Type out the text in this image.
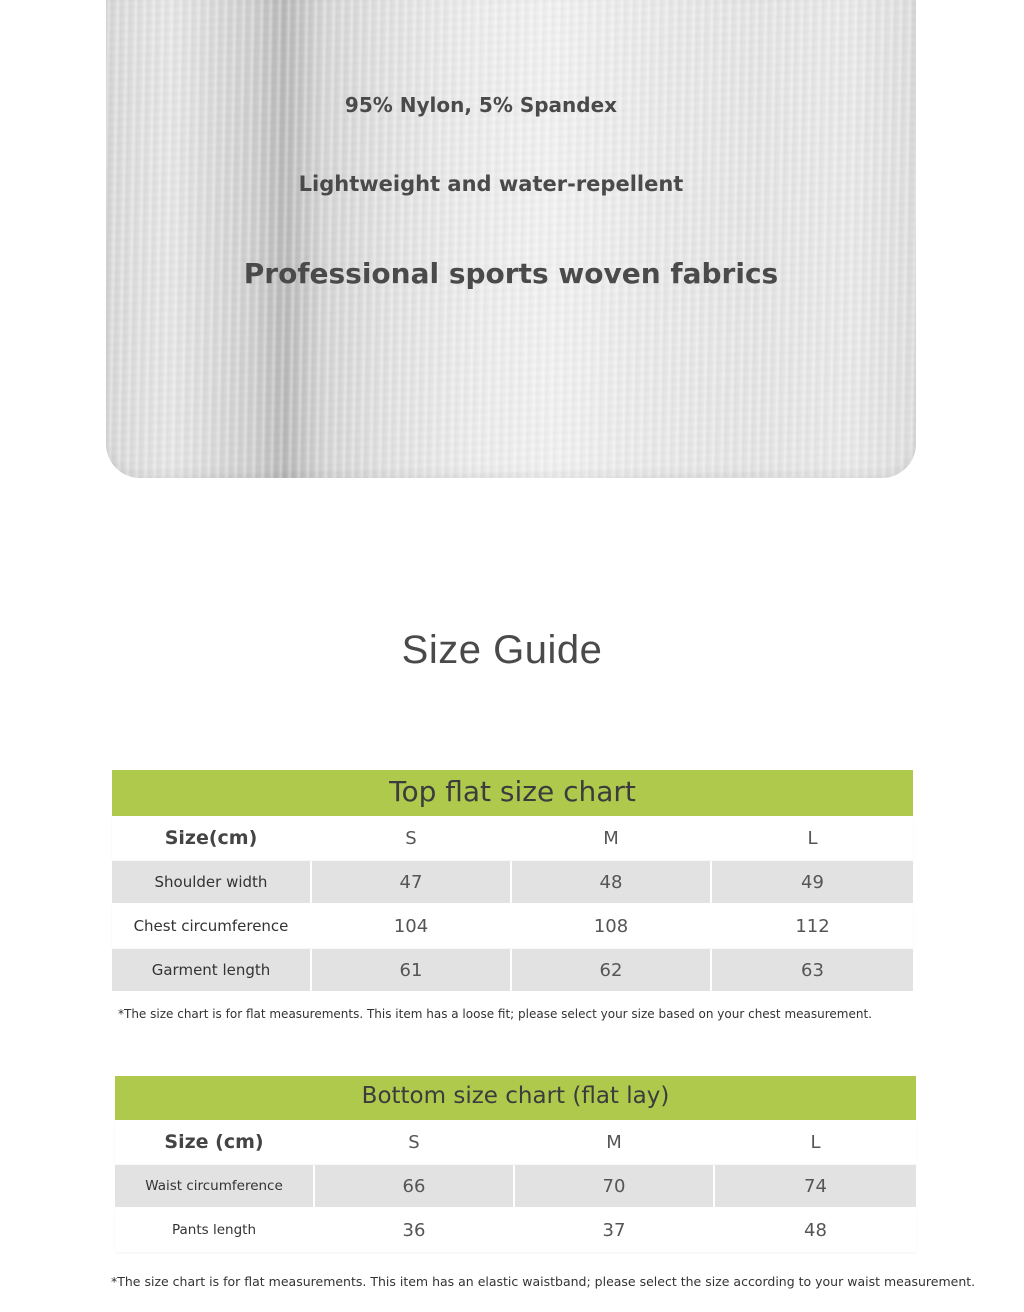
95% Nylon, 5% Spandex
Lightweight and water-repellent
Professional sports woven fabrics
Size Guide
Top flat size chart
Size(cm)	S	M	L
Shoulder width	47	48	49
Chest circumference	104	108	112
Garment length	61	62	63
*The size chart is for flat measurements. This item has a loose fit; please select your size based on your chest measurement.
Bottom size chart (flat lay)
Size (cm)	S	M	L
Waist circumference	66	70	74
Pants length	36	37	48
*The size chart is for flat measurements. This item has an elastic waistband; please select the size according to your waist measurement.
